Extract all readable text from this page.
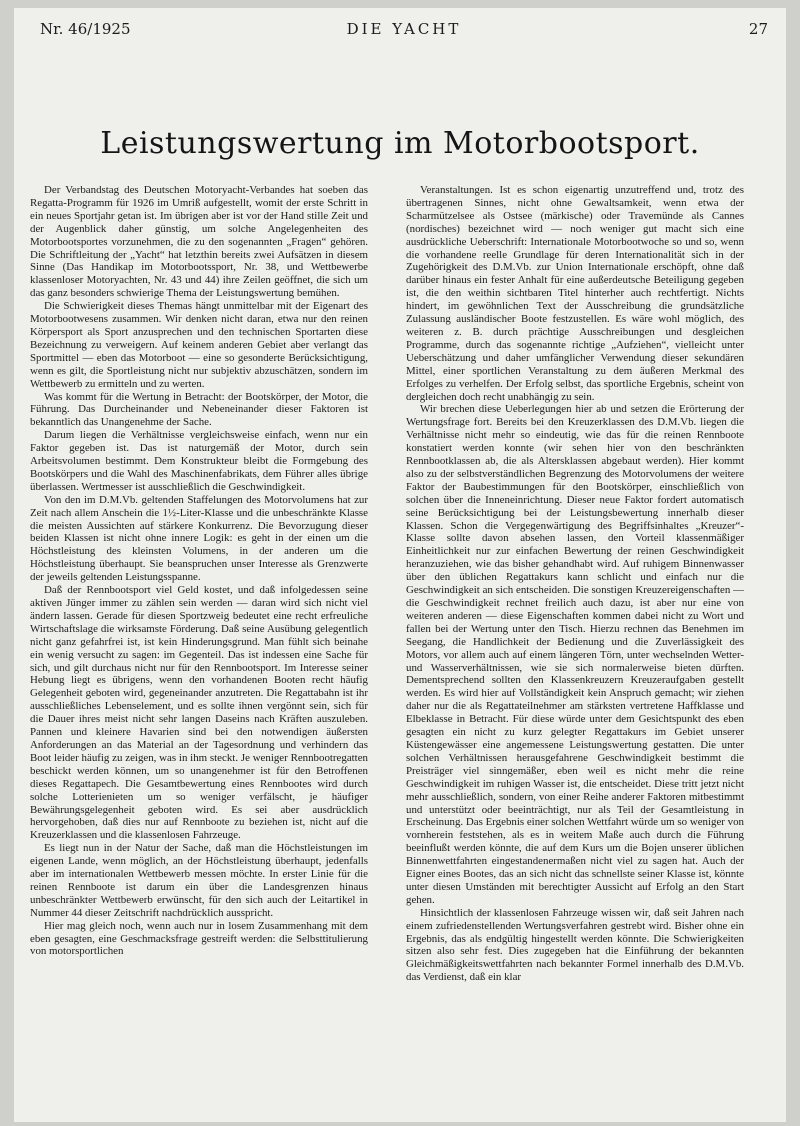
Nr. 46/1925	DIE YACHT	27
Leistungswertung im Motorbootsport.

Der Verbandstag des Deutschen Motoryacht-Verbandes hat soeben das Regatta-Programm für 1926 im Umriß aufgestellt, womit der erste Schritt in ein neues Sportjahr getan ist. Im übrigen aber ist vor der Hand stille Zeit und der Augenblick daher günstig, um solche Angelegenheiten des Motorbootsportes vorzunehmen, die zu den sogenannten „Fragen“ gehören. Die Schriftleitung der „Yacht“ hat letzthin bereits zwei Aufsätzen in diesem Sinne (Das Handikap im Motorbootssport, Nr. 38, und Wettbewerbe klassenloser Motoryachten, Nr. 43 und 44) ihre Zeilen geöffnet, die sich um das ganz besonders schwierige Thema der Leistungswertung bemühen.

Die Schwierigkeit dieses Themas hängt unmittelbar mit der Eigenart des Motorbootwesens zusammen. Wir denken nicht daran, etwa nur den reinen Körpersport als Sport anzusprechen und den technischen Sportarten diese Bezeichnung zu verweigern. Auf keinem anderen Gebiet aber verlangt das Sportmittel — eben das Motorboot — eine so gesonderte Berücksichtigung, wenn es gilt, die Sportleistung nicht nur subjektiv abzuschätzen, sondern im Wettbewerb zu ermitteln und zu werten.

Was kommt für die Wertung in Betracht: der Bootskörper, der Motor, die Führung. Das Durcheinander und Nebeneinander dieser Faktoren ist bekanntlich das Unangenehme der Sache.

Darum liegen die Verhältnisse vergleichsweise einfach, wenn nur ein Faktor gegeben ist. Das ist naturgemäß der Motor, durch sein Arbeitsvolumen bestimmt. Dem Konstrukteur bleibt die Formgebung des Bootskörpers und die Wahl des Maschinenfabrikats, dem Führer alles übrige überlassen. Wertmesser ist ausschließlich die Geschwindigkeit.

Von den im D.M.Vb. geltenden Staffelungen des Motorvolumens hat zur Zeit nach allem Anschein die 1½-Liter-Klasse und die unbeschränkte Klasse die meisten Aussichten auf stärkere Konkurrenz. Die Bevorzugung dieser beiden Klassen ist nicht ohne innere Logik: es geht in der einen um die Höchstleistung des kleinsten Volumens, in der anderen um die Höchstleistung überhaupt. Sie beanspruchen unser Interesse als Grenzwerte der jeweils geltenden Leistungsspanne.

Daß der Rennbootsport viel Geld kostet, und daß infolgedessen seine aktiven Jünger immer zu zählen sein werden — daran wird sich nicht viel ändern lassen. Gerade für diesen Sportzweig bedeutet eine recht erfreuliche Wirtschaftslage die wirksamste Förderung. Daß seine Ausübung gelegentlich nicht ganz gefahrfrei ist, ist kein Hinderungsgrund. Man fühlt sich beinahe ein wenig versucht zu sagen: im Gegenteil. Das ist indessen eine Sache für sich, und gilt durchaus nicht nur für den Rennbootsport. Im Interesse seiner Hebung liegt es übrigens, wenn den vorhandenen Booten recht häufig Gelegenheit geboten wird, gegeneinander anzutreten. Die Regattabahn ist ihr ausschließliches Lebenselement, und es sollte ihnen vergönnt sein, sich für die Dauer ihres meist nicht sehr langen Daseins nach Kräften auszuleben. Pannen und kleinere Havarien sind bei den notwendigen äußersten Anforderungen an das Material an der Tagesordnung und verhindern das Boot leider häufig zu zeigen, was in ihm steckt. Je weniger Rennbootregatten beschickt werden können, um so unangenehmer ist für den Betroffenen dieses Regattapech. Die Gesamtbewertung eines Rennbootes wird durch solche Lotterienieten um so weniger verfälscht, je häufiger Bewährungsgelegenheit geboten wird. Es sei aber ausdrücklich hervorgehoben, daß dies nur auf Rennboote zu beziehen ist, nicht auf die Kreuzerklassen und die klassenlosen Fahrzeuge.

Es liegt nun in der Natur der Sache, daß man die Höchstleistungen im eigenen Lande, wenn möglich, an der Höchstleistung überhaupt, jedenfalls aber im internationalen Wettbewerb messen möchte. In erster Linie für die reinen Rennboote ist darum ein über die Landesgrenzen hinaus unbeschränkter Wettbewerb erwünscht, für den sich auch der Leitartikel in Nummer 44 dieser Zeitschrift nachdrücklich ausspricht.

Hier mag gleich noch, wenn auch nur in losem Zusammenhang mit dem eben gesagten, eine Geschmacksfrage gestreift werden: die Selbsttitulierung von motorsportlichen

Veranstaltungen. Ist es schon eigenartig unzutreffend und, trotz des übertragenen Sinnes, nicht ohne Gewaltsamkeit, wenn etwa der Scharmützelsee als Ostsee (märkische) oder Travemünde als Cannes (nordisches) bezeichnet wird — noch weniger gut macht sich eine ausdrückliche Ueberschrift: Internationale Motorbootwoche so und so, wenn die vorhandene reelle Grundlage für deren Internationalität sich in der Zugehörigkeit des D.M.Vb. zur Union Internationale erschöpft, ohne daß darüber hinaus ein fester Anhalt für eine außerdeutsche Beteiligung gegeben ist, die den weithin sichtbaren Titel hinterher auch rechtfertigt. Nichts hindert, im gewöhnlichen Text der Ausschreibung die grundsätzliche Zulassung ausländischer Boote festzustellen. Es wäre wohl möglich, des weiteren z. B. durch prächtige Ausschreibungen und desgleichen Programme, durch das sogenannte richtige „Aufziehen“, vielleicht unter Ueberschätzung und daher umfänglicher Verwendung dieser sekundären Mittel, einer sportlichen Veranstaltung zu dem äußeren Merkmal des Erfolges zu verhelfen. Der Erfolg selbst, das sportliche Ergebnis, scheint von dergleichen doch recht unabhängig zu sein.

Wir brechen diese Ueberlegungen hier ab und setzen die Erörterung der Wertungsfrage fort. Bereits bei den Kreuzerklassen des D.M.Vb. liegen die Verhältnisse nicht mehr so eindeutig, wie das für die reinen Rennboote konstatiert werden konnte (wir sehen hier von den beschränkten Rennbootklassen ab, die als Altersklassen abgebaut werden). Hier kommt also zu der selbstverständlichen Begrenzung des Motorvolumens der weitere Faktor der Baubestimmungen für den Bootskörper, einschließlich von solchen über die Inneneinrichtung. Dieser neue Faktor fordert automatisch seine Berücksichtigung bei der Leistungsbewertung innerhalb dieser Klassen. Schon die Vergegenwärtigung des Begriffsinhaltes „Kreuzer“-Klasse sollte davon absehen lassen, den Vorteil klassenmäßiger Einheitlichkeit nur zur einfachen Bewertung der reinen Geschwindigkeit heranzuziehen, wie das bisher gehandhabt wird. Auf ruhigem Binnenwasser über den üblichen Regattakurs kann schlicht und einfach nur die Geschwindigkeit an sich entscheiden. Die sonstigen Kreuzereigenschaften — die Geschwindigkeit rechnet freilich auch dazu, ist aber nur eine von weiteren anderen — diese Eigenschaften kommen dabei nicht zu Wort und fallen bei der Wertung unter den Tisch. Hierzu rechnen das Benehmen im Seegang, die Handlichkeit der Bedienung und die Zuverlässigkeit des Motors, vor allem auch auf einem längeren Törn, unter wechselnden Wetter- und Wasserverhältnissen, wie sie sich normalerweise bieten dürften. Dementsprechend sollten den Klassenkreuzern Kreuzeraufgaben gestellt werden. Es wird hier auf Vollständigkeit kein Anspruch gemacht; wir ziehen daher nur die als Regattateilnehmer am stärksten vertretene Haffklasse und Elbeklasse in Betracht. Für diese würde unter dem Gesichtspunkt des eben gesagten ein nicht zu kurz gelegter Regattakurs im Gebiet unserer Küstengewässer eine angemessene Leistungswertung gestatten. Die unter solchen Verhältnissen herausgefahrene Geschwindigkeit bestimmt die Preisträger viel sinngemäßer, eben weil es nicht mehr die reine Geschwindigkeit im ruhigen Wasser ist, die entscheidet. Diese tritt jetzt nicht mehr ausschließlich, sondern, von einer Reihe anderer Faktoren mitbestimmt und unterstützt oder beeinträchtigt, nur als Teil der Gesamtleistung in Erscheinung. Das Ergebnis einer solchen Wettfahrt würde um so weniger von vornherein feststehen, als es in weitem Maße auch durch die Führung beeinflußt werden könnte, die auf dem Kurs um die Bojen unserer üblichen Binnenwettfahrten eingestandenermaßen nicht viel zu sagen hat. Auch der Eigner eines Bootes, das an sich nicht das schnellste seiner Klasse ist, könnte unter diesen Umständen mit berechtigter Aussicht auf Erfolg an den Start gehen.

Hinsichtlich der klassenlosen Fahrzeuge wissen wir, daß seit Jahren nach einem zufriedenstellenden Wertungsverfahren gestrebt wird. Bisher ohne ein Ergebnis, das als endgültig hingestellt werden könnte. Die Schwierigkeiten sitzen also sehr fest. Dies zugegeben hat die Einführung der bekannten Gleichmäßigkeitswettfahrten nach bekannter Formel innerhalb des D.M.Vb. das Verdienst, daß ein klar
